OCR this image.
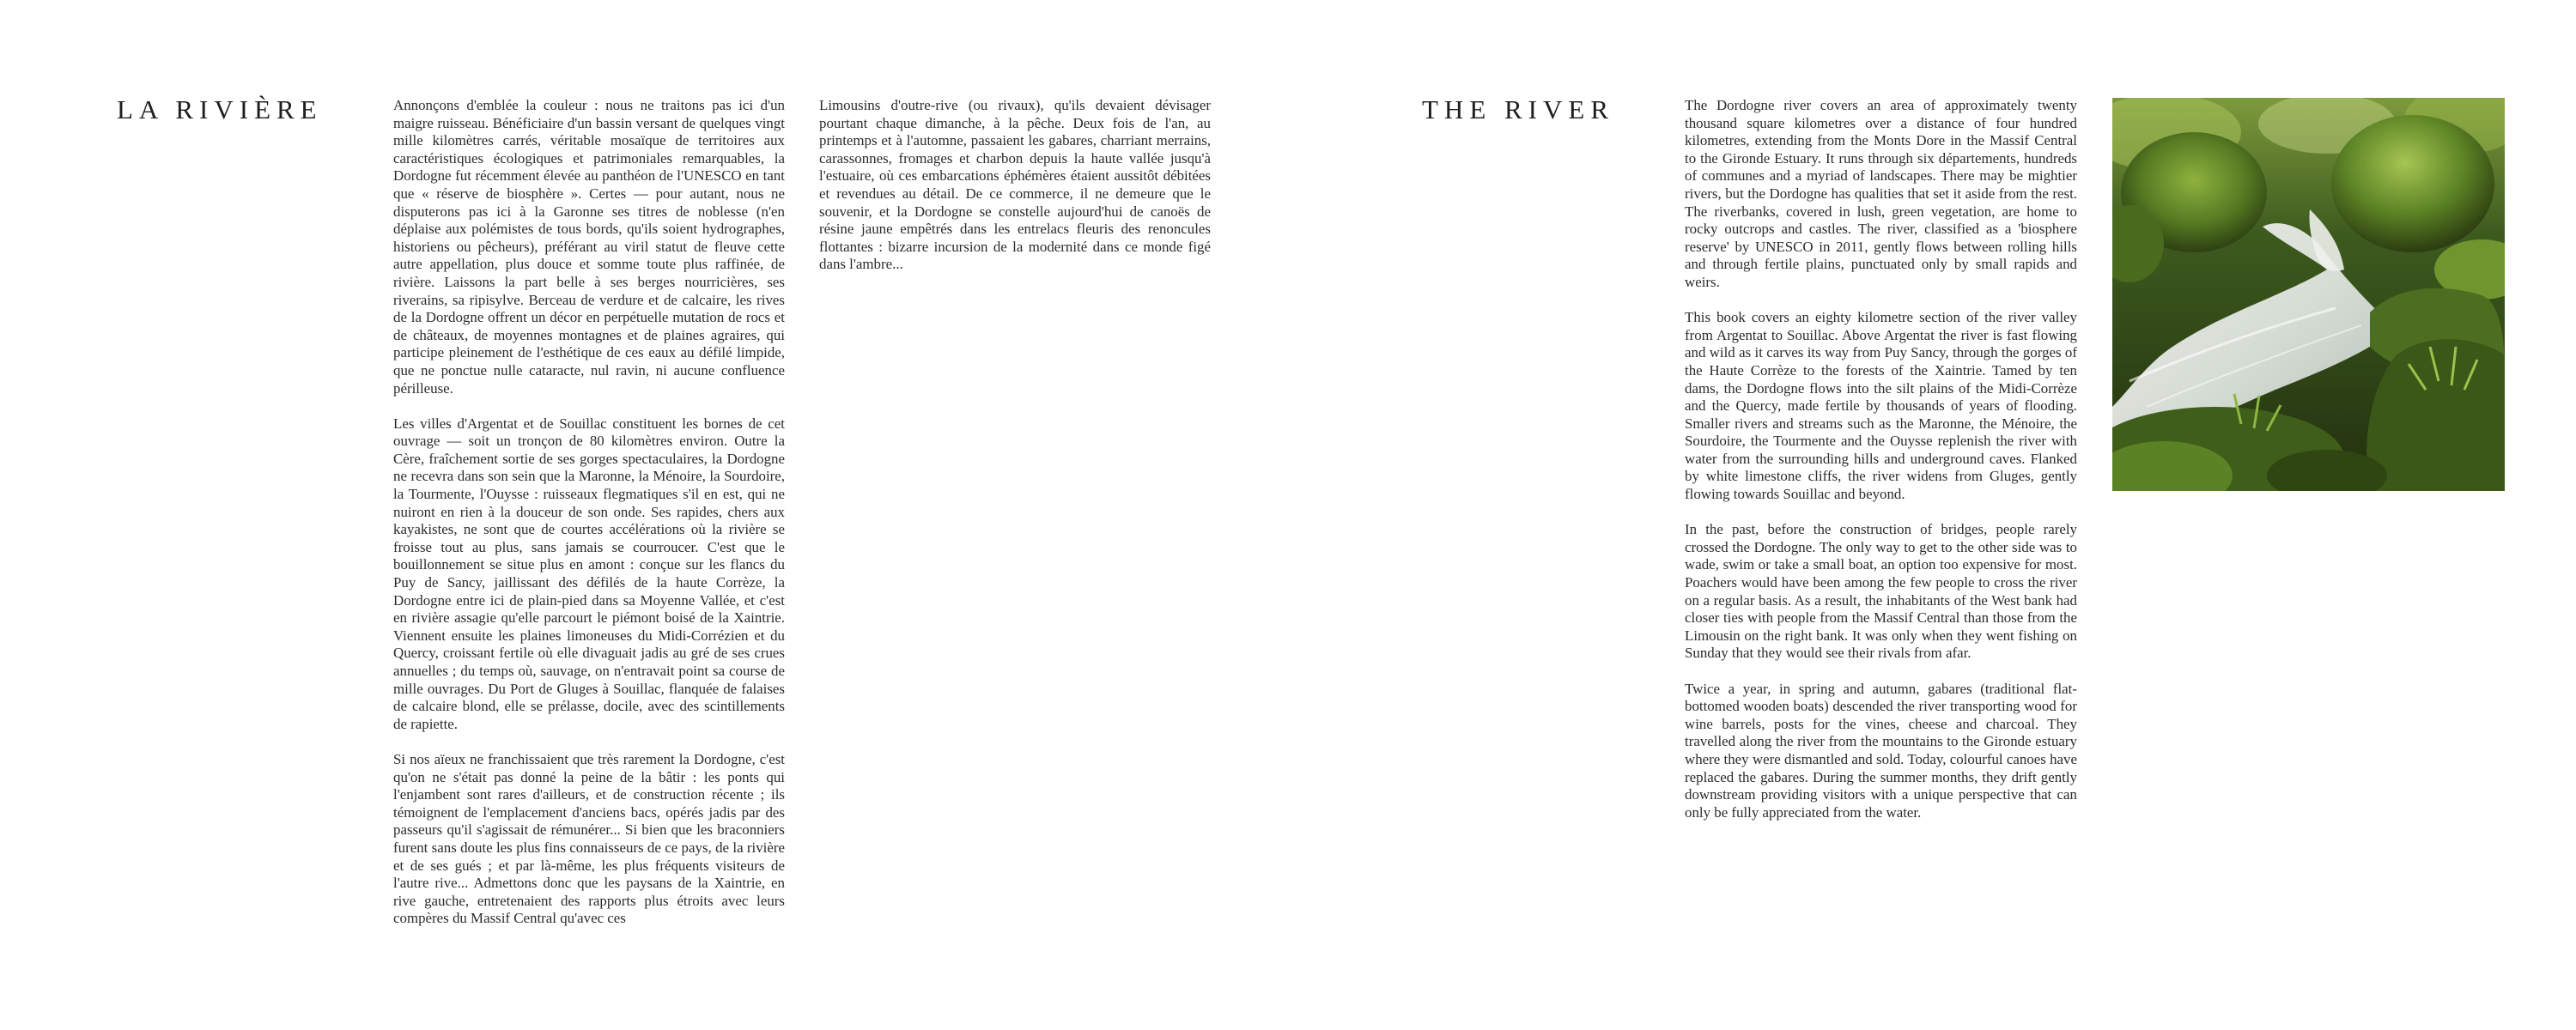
LA RIVIÈRE	Annonçons d'emblée la couleur : nous ne traitons pas ici d'un maigre ruisseau. Bénéficiaire d'un bassin versant de quelques vingt mille kilomètres carrés, véritable mosaïque de territoires aux caractéristiques écologiques et patrimoniales remarquables, la Dordogne fut récemment élevée au panthéon de l'UNESCO en tant que « réserve de biosphère ». Certes — pour autant, nous ne disputerons pas ici à la Garonne ses titres de noblesse (n'en déplaise aux polémistes de tous bords, qu'ils soient hydrographes, historiens ou pêcheurs), préférant au viril statut de fleuve cette autre appellation, plus douce et somme toute plus raffinée, de rivière. Laissons la part belle à ses berges nourricières, ses riverains, sa ripisylve. Berceau de verdure et de calcaire, les rives de la Dordogne offrent un décor en perpétuelle mutation de rocs et de châteaux, de moyennes montagnes et de plaines agraires, qui participe pleinement de l'esthétique de ces eaux au défilé limpide, que ne ponctue nulle cataracte, nul ravin, ni aucune confluence périlleuse.

Les villes d'Argentat et de Souillac constituent les bornes de cet ouvrage — soit un tronçon de 80 kilomètres environ. Outre la Cère, fraîchement sortie de ses gorges spectaculaires, la Dordogne ne recevra dans son sein que la Maronne, la Ménoire, la Sourdoire, la Tourmente, l'Ouysse : ruisseaux flegmatiques s'il en est, qui ne nuiront en rien à la douceur de son onde. Ses rapides, chers aux kayakistes, ne sont que de courtes accélérations où la rivière se froisse tout au plus, sans jamais se courroucer. C'est que le bouillonnement se situe plus en amont : conçue sur les flancs du Puy de Sancy, jaillissant des défilés de la haute Corrèze, la Dordogne entre ici de plain-pied dans sa Moyenne Vallée, et c'est en rivière assagie qu'elle parcourt le piémont boisé de la Xaintrie. Viennent ensuite les plaines limoneuses du Midi-Corrézien et du Quercy, croissant fertile où elle divaguait jadis au gré de ses crues annuelles ; du temps où, sauvage, on n'entravait point sa course de mille ouvrages. Du Port de Gluges à Souillac, flanquée de falaises de calcaire blond, elle se prélasse, docile, avec des scintillements de rapiette.

Si nos aïeux ne franchissaient que très rarement la Dordogne, c'est qu'on ne s'était pas donné la peine de la bâtir : les ponts qui l'enjambent sont rares d'ailleurs, et de construction récente ; ils témoignent de l'emplacement d'anciens bacs, opérés jadis par des passeurs qu'il s'agissait de rémunérer... Si bien que les braconniers furent sans doute les plus fins connaisseurs de ce pays, de la rivière et de ses gués ; et par là-même, les plus fréquents visiteurs de l'autre rive... Admettons donc que les paysans de la Xaintrie, en rive gauche, entretenaient des rapports plus étroits avec leurs compères du Massif Central qu'avec ces

Limousins d'outre-rive (ou rivaux), qu'ils devaient dévisager pourtant chaque dimanche, à la pêche. Deux fois de l'an, au printemps et à l'automne, passaient les gabares, charriant merrains, carassonnes, fromages et charbon depuis la haute vallée jusqu'à l'estuaire, où ces embarcations éphémères étaient aussitôt débitées et revendues au détail. De ce commerce, il ne demeure que le souvenir, et la Dordogne se constelle aujourd'hui de canoës de résine jaune empêtrés dans les entrelacs fleuris des renoncules flottantes : bizarre incursion de la modernité dans ce monde figé dans l'ambre...

THE RIVER	The Dordogne river covers an area of approximately twenty thousand square kilometres over a distance of four hundred kilometres, extending from the Monts Dore in the Massif Central to the Gironde Estuary. It runs through six départements, hundreds of communes and a myriad of landscapes. There may be mightier rivers, but the Dordogne has qualities that set it aside from the rest. The riverbanks, covered in lush, green vegetation, are home to rocky outcrops and castles. The river, classified as a 'biosphere reserve' by UNESCO in 2011, gently flows between rolling hills and through fertile plains, punctuated only by small rapids and weirs.

This book covers an eighty kilometre section of the river valley from Argentat to Souillac. Above Argentat the river is fast flowing and wild as it carves its way from Puy Sancy, through the gorges of the Haute Corrèze to the forests of the Xaintrie. Tamed by ten dams, the Dordogne flows into the silt plains of the Midi-Corrèze and the Quercy, made fertile by thousands of years of flooding. Smaller rivers and streams such as the Maronne, the Ménoire, the Sourdoire, the Tourmente and the Ouysse replenish the river with water from the surrounding hills and underground caves. Flanked by white limestone cliffs, the river widens from Gluges, gently flowing towards Souillac and beyond.

In the past, before the construction of bridges, people rarely crossed the Dordogne. The only way to get to the other side was to wade, swim or take a small boat, an option too expensive for most. Poachers would have been among the few people to cross the river on a regular basis. As a result, the inhabitants of the West bank had closer ties with people from the Massif Central than those from the Limousin on the right bank. It was only when they went fishing on Sunday that they would see their rivals from afar.

Twice a year, in spring and autumn, gabares (traditional flat-bottomed wooden boats) descended the river transporting wood for wine barrels, posts for the vines, cheese and charcoal. They travelled along the river from the mountains to the Gironde estuary where they were dismantled and sold. Today, colourful canoes have replaced the gabares. During the summer months, they drift gently downstream providing visitors with a unique perspective that can only be fully appreciated from the water.
